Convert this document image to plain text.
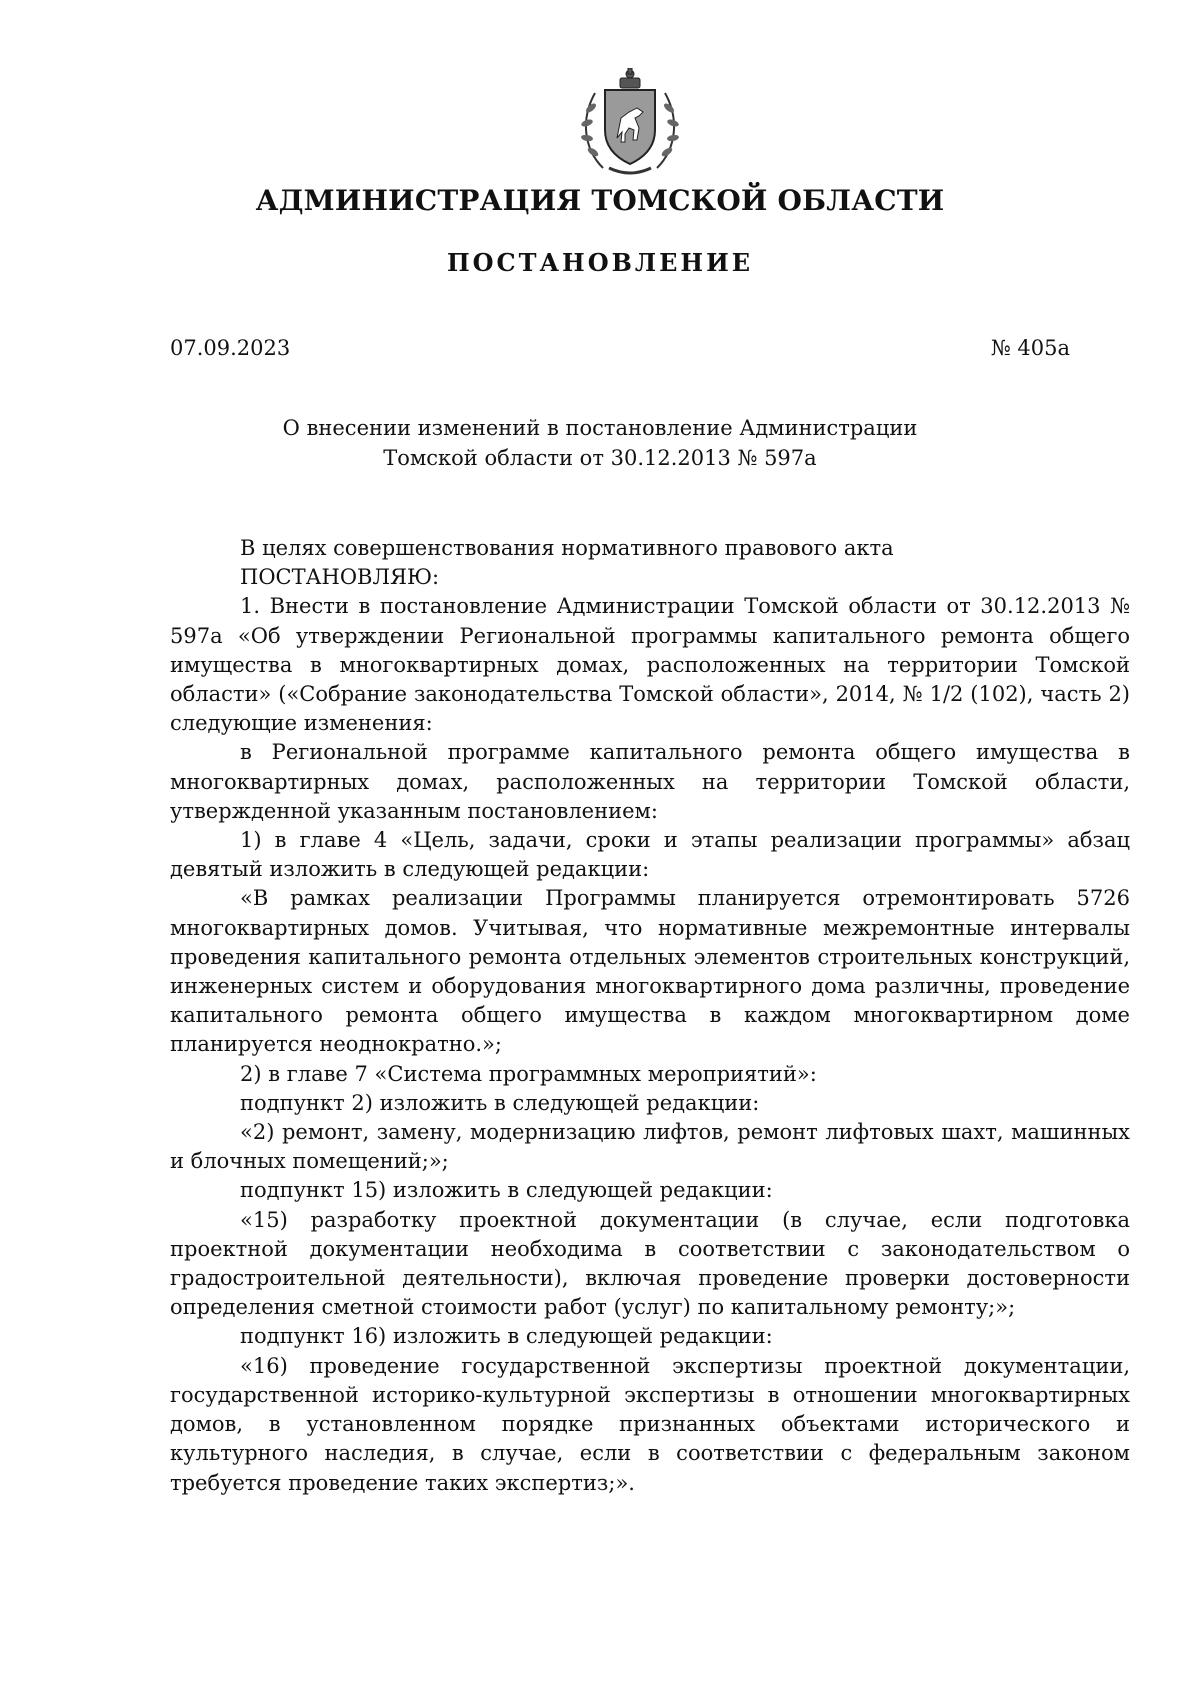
АДМИНИСТРАЦИЯ ТОМСКОЙ ОБЛАСТИ
ПОСТАНОВЛЕНИЕ
07.09.2023	№ 405а
О внесении изменений в постановление Администрации
Томской области от 30.12.2013 № 597а

В целях совершенствования нормативного правового акта

ПОСТАНОВЛЯЮ:

1. Внести в постановление Администрации Томской области от 30.12.2013 № 597а «Об утверждении Региональной программы капитального ремонта общего имущества в многоквартирных домах, расположенных на территории Томской области» («Собрание законодательства Томской области», 2014, № 1/2 (102), часть 2) следующие изменения:

в Региональной программе капитального ремонта общего имущества в многоквартирных домах, расположенных на территории Томской области, утвержденной указанным постановлением:

1) в главе 4 «Цель, задачи, сроки и этапы реализации программы» абзац девятый изложить в следующей редакции:

«В рамках реализации Программы планируется отремонтировать 5726 многоквартирных домов. Учитывая, что нормативные межремонтные интервалы проведения капитального ремонта отдельных элементов строительных конструкций, инженерных систем и оборудования многоквартирного дома различны, проведение капитального ремонта общего имущества в каждом многоквартирном доме планируется неоднократно.»;

2) в главе 7 «Система программных мероприятий»:

подпункт 2) изложить в следующей редакции:

«2) ремонт, замену, модернизацию лифтов, ремонт лифтовых шахт, машинных и блочных помещений;»;

подпункт 15) изложить в следующей редакции:

«15) разработку проектной документации (в случае, если подготовка проектной документации необходима в соответствии с законодательством о градостроительной деятельности), включая проведение проверки достоверности определения сметной стоимости работ (услуг) по капитальному ремонту;»;

подпункт 16) изложить в следующей редакции:

«16) проведение государственной экспертизы проектной документации, государственной историко-культурной экспертизы в отношении многоквартирных домов, в установленном порядке признанных объектами исторического и культурного наследия, в случае, если в соответствии с федеральным законом требуется проведение таких экспертиз;».
